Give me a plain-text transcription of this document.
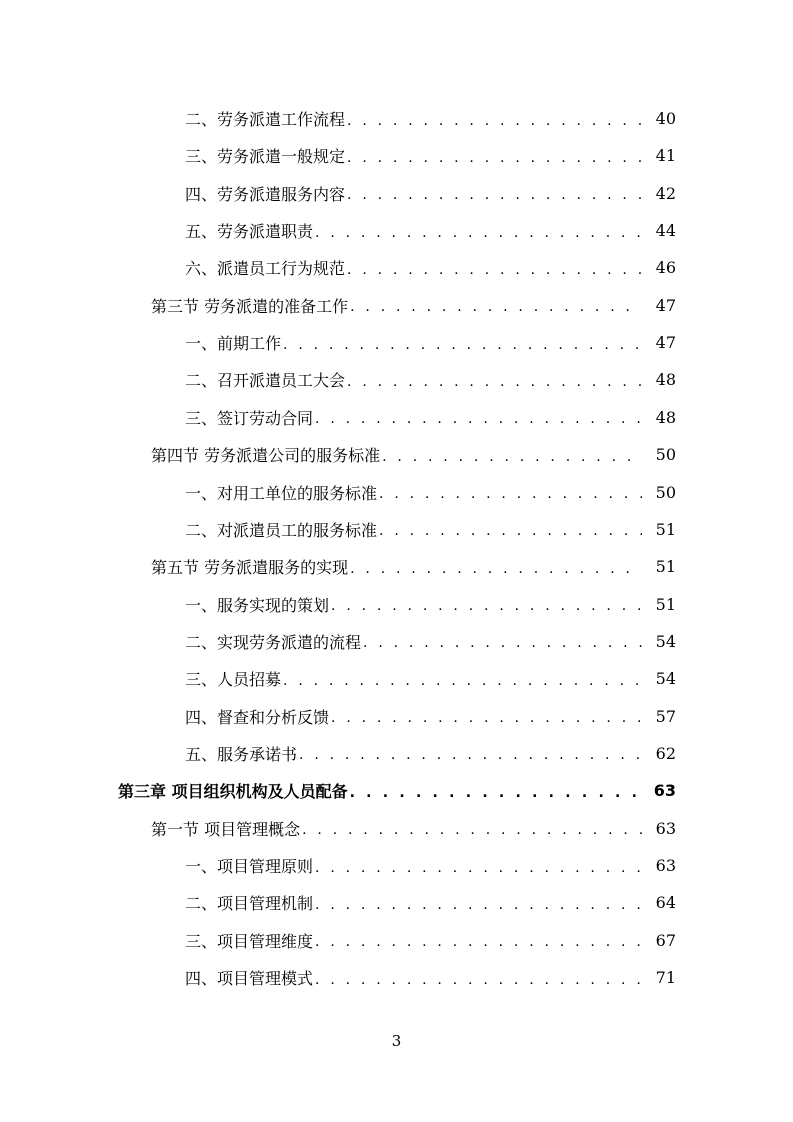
二、劳务派遣工作流程 . . .	40
三、劳务派遣一般规定 . . .	41
四、劳务派遣服务内容 . . .	42
五、劳务派遣职责 . . .	44
六、派遣员工行为规范 . . .	46
第三节 劳务派遣的准备工作 . . .	47
一、前期工作 . . .	47
二、召开派遣员工大会 . . .	48
三、签订劳动合同 . . .	48
第四节 劳务派遣公司的服务标准 . . .	50
一、对用工单位的服务标准 . . .	50
二、对派遣员工的服务标准 . . .	51
第五节 劳务派遣服务的实现 . . .	51
一、服务实现的策划 . . .	51
二、实现劳务派遣的流程 . . .	54
三、人员招募 . . .	54
四、督查和分析反馈 . . .	57
五、服务承诺书 . . .	62
第三章 项目组织机构及人员配备 . . .	63
第一节 项目管理概念 . . .	63
一、项目管理原则 . . .	63
二、项目管理机制 . . .	64
三、项目管理维度 . . .	67
四、项目管理模式 . . .	71
3
